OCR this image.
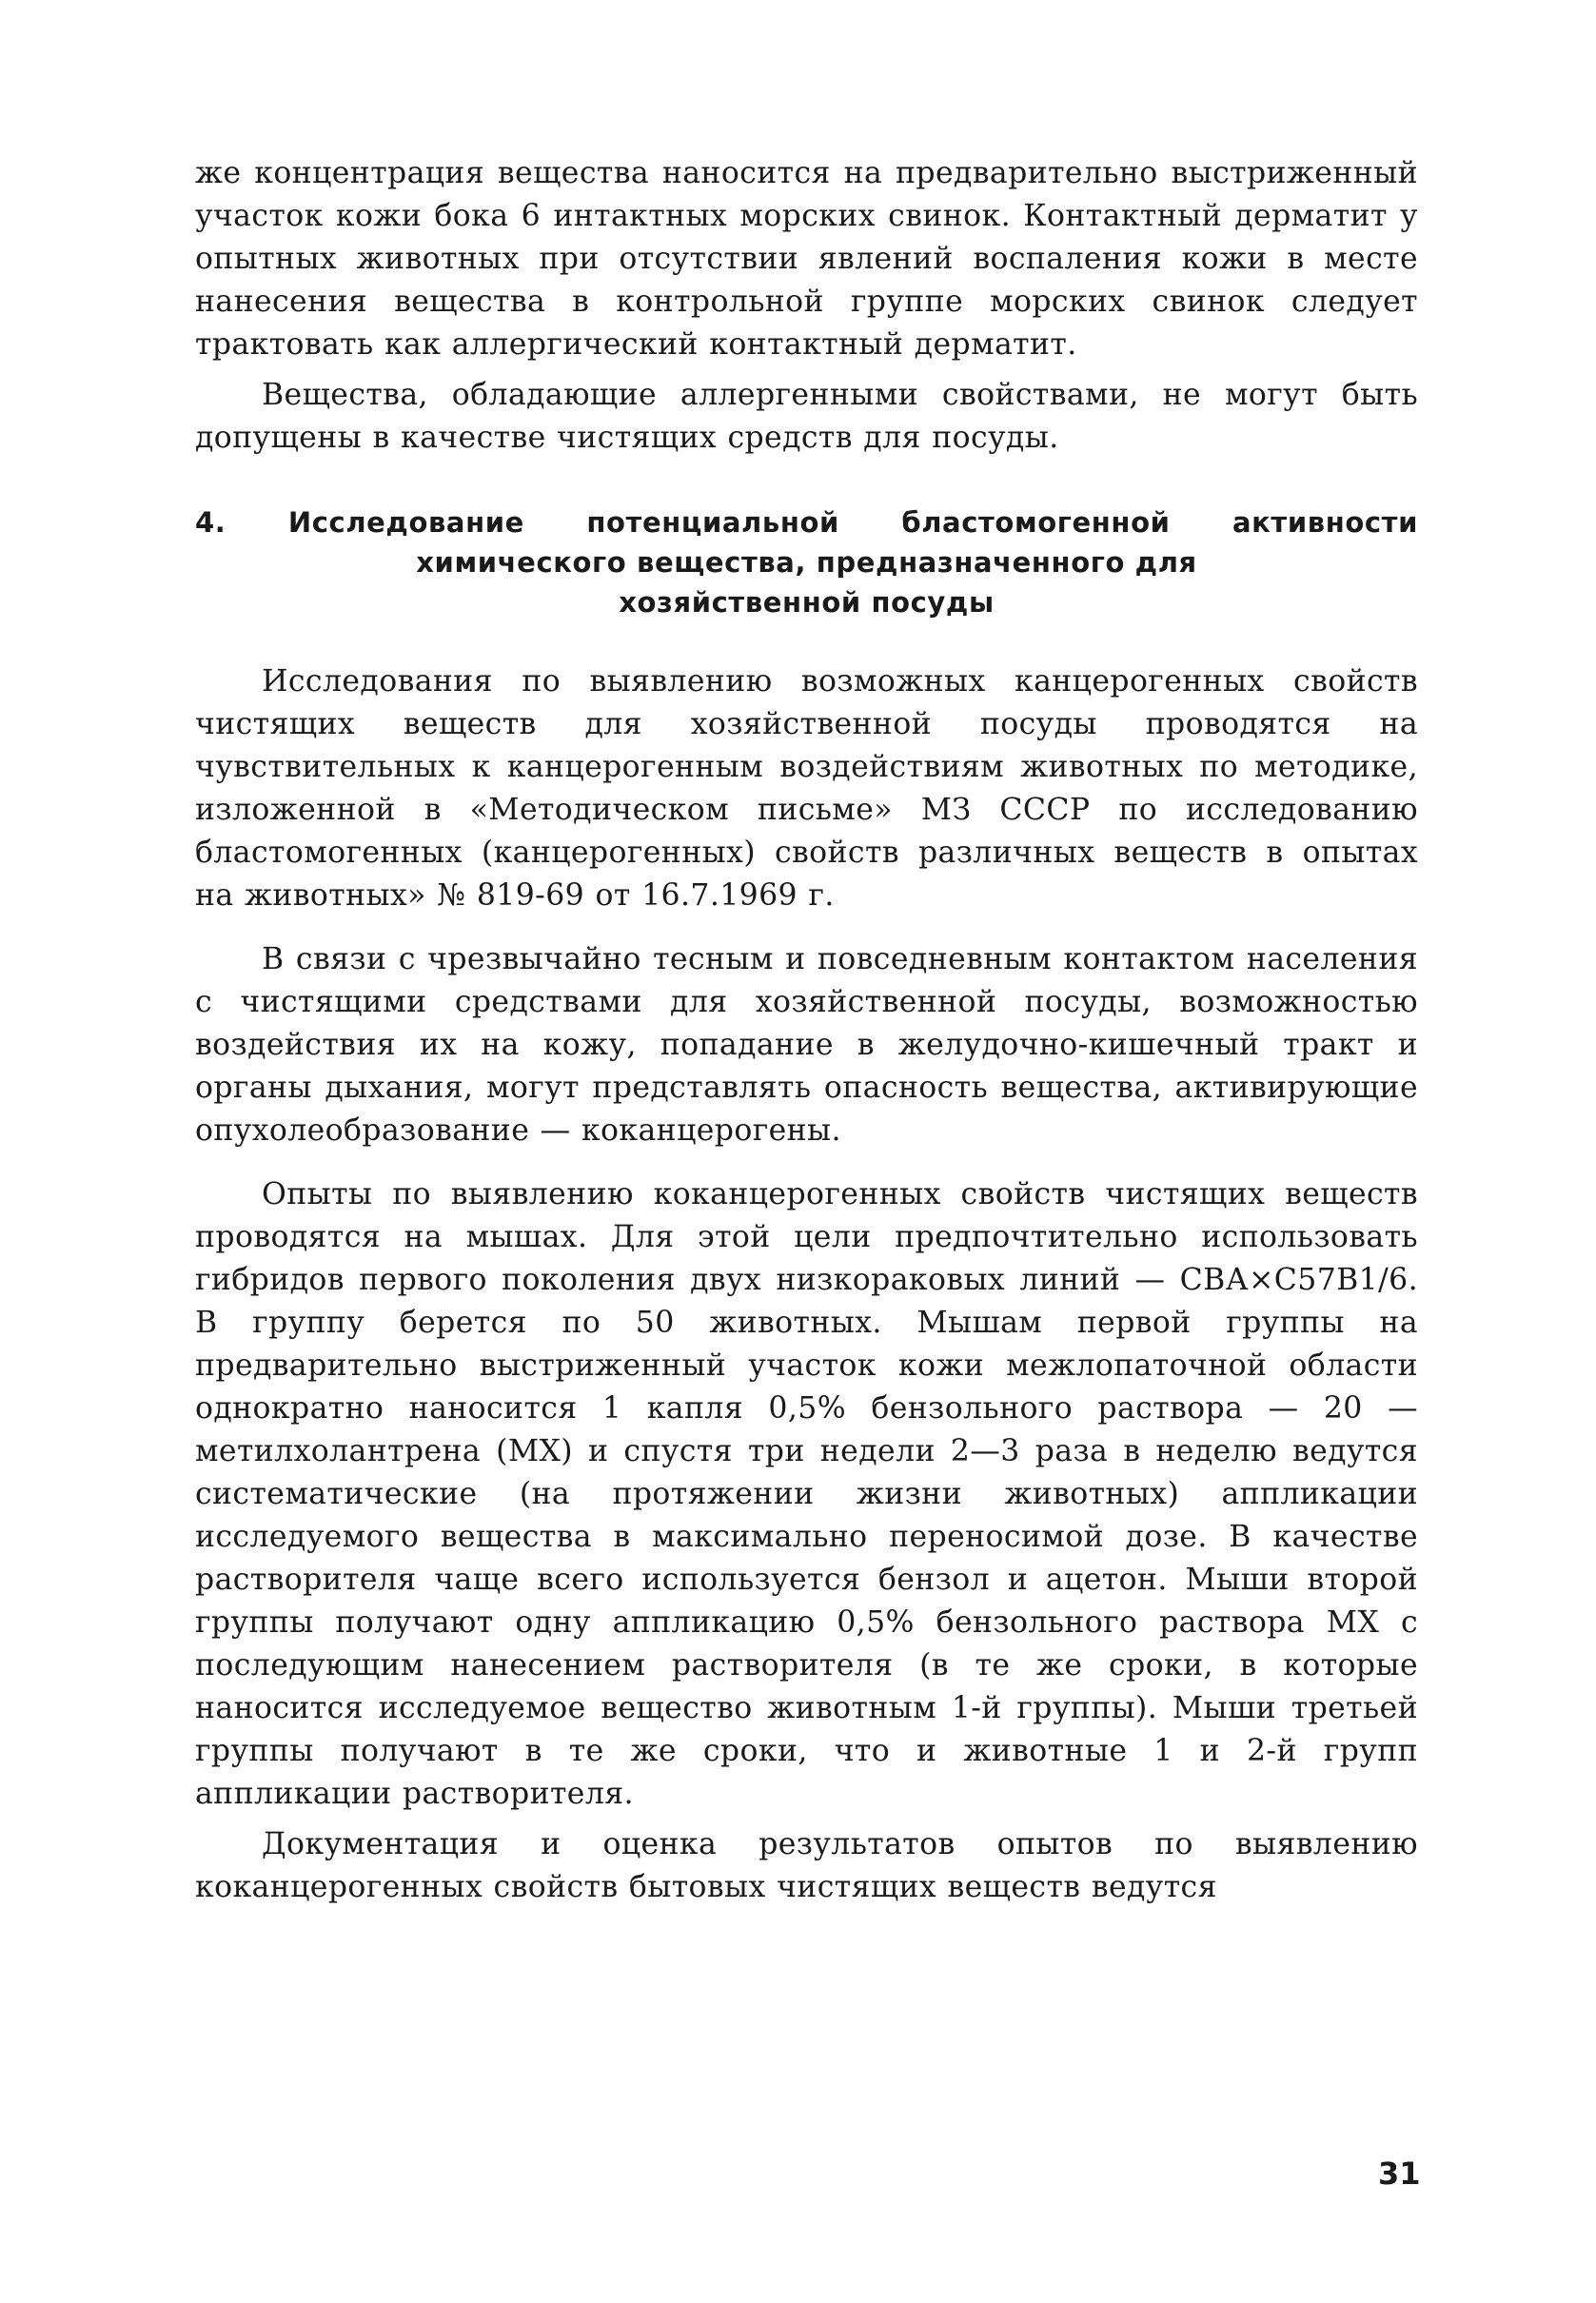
же концентрация вещества наносится на предварительно выстриженный участок кожи бока 6 интактных морских свинок. Контактный дерматит у опытных животных при отсутствии явлений воспаления кожи в месте нанесения вещества в контрольной группе морских свинок следует трактовать как аллергический контактный дерматит.

Вещества, обладающие аллергенными свойствами, не могут быть допущены в качестве чистящих средств для посуды.

4. Исследование потенциальной бластомогенной активности
химического вещества, предназначенного для
хозяйственной посуды

Исследования по выявлению возможных канцерогенных свойств чистящих веществ для хозяйственной посуды проводятся на чувствительных к канцерогенным воздействиям животных по методике, изложенной в «Методическом письме» МЗ СССР по исследованию бластомогенных (канцерогенных) свойств различных веществ в опытах на животных» № 819-69 от 16.7.1969 г.

В связи с чрезвычайно тесным и повседневным контактом населения с чистящими средствами для хозяйственной посуды, возможностью воздействия их на кожу, попадание в желудочно-кишечный тракт и органы дыхания, могут представлять опасность вещества, активирующие опухолеобразование — коканцерогены.

Опыты по выявлению коканцерогенных свойств чистящих веществ проводятся на мышах. Для этой цели предпочтительно использовать гибридов первого поколения двух низкораковых линий — СВА×С57В1/6. В группу берется по 50 животных. Мышам первой группы на предварительно выстриженный участок кожи межлопаточной области однократно наносится 1 капля 0,5% бензольного раствора — 20 — метилхолантрена (МХ) и спустя три недели 2—3 раза в неделю ведутся систематические (на протяжении жизни животных) аппликации исследуемого вещества в максимально переносимой дозе. В качестве растворителя чаще всего используется бензол и ацетон. Мыши второй группы получают одну аппликацию 0,5% бензольного раствора МХ с последующим нанесением растворителя (в те же сроки, в которые наносится исследуемое вещество животным 1-й группы). Мыши третьей группы получают в те же сроки, что и животные 1 и 2-й групп аппликации растворителя.

Документация и оценка результатов опытов по выявлению коканцерогенных свойств бытовых чистящих веществ ведутся

31
